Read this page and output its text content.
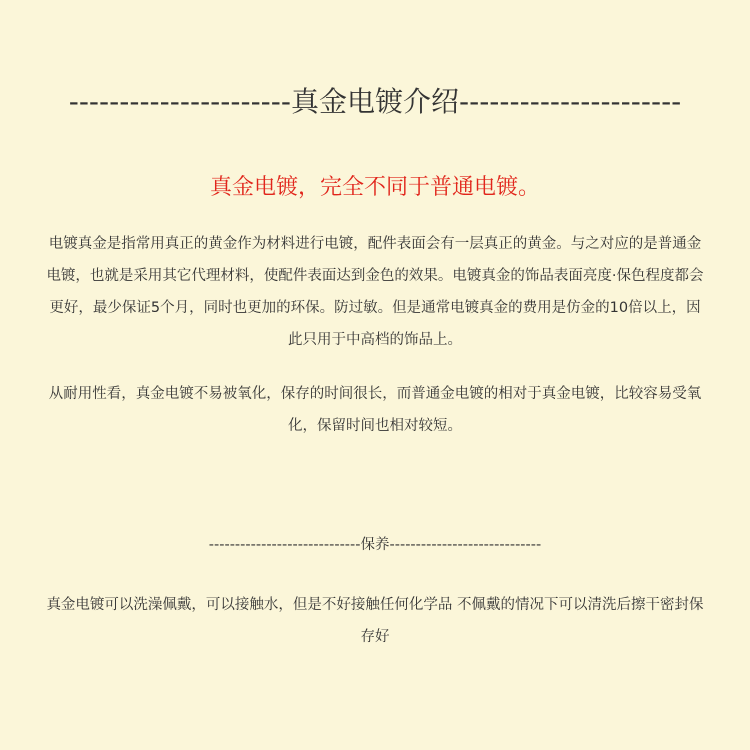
----------------------真金电镀介绍----------------------
真金电镀，完全不同于普通电镀。
电镀真金是指常用真正的黄金作为材料进行电镀，配件表面会有一层真正的黄金。与之对应的是普通金电镀，也就是采用其它代理材料，使配件表面达到金色的效果。电镀真金的饰品表面亮度·保色程度都会更好，最少保证5个月，同时也更加的环保。防过敏。但是通常电镀真金的费用是仿金的10倍以上，因此只用于中高档的饰品上。
从耐用性看，真金电镀不易被氧化，保存的时间很长，而普通金电镀的相对于真金电镀，比较容易受氧化，保留时间也相对较短。
-----------------------------保养-----------------------------
真金电镀可以洗澡佩戴，可以接触水，但是不好接触任何化学品 不佩戴的情况下可以清洗后擦干密封保存好
